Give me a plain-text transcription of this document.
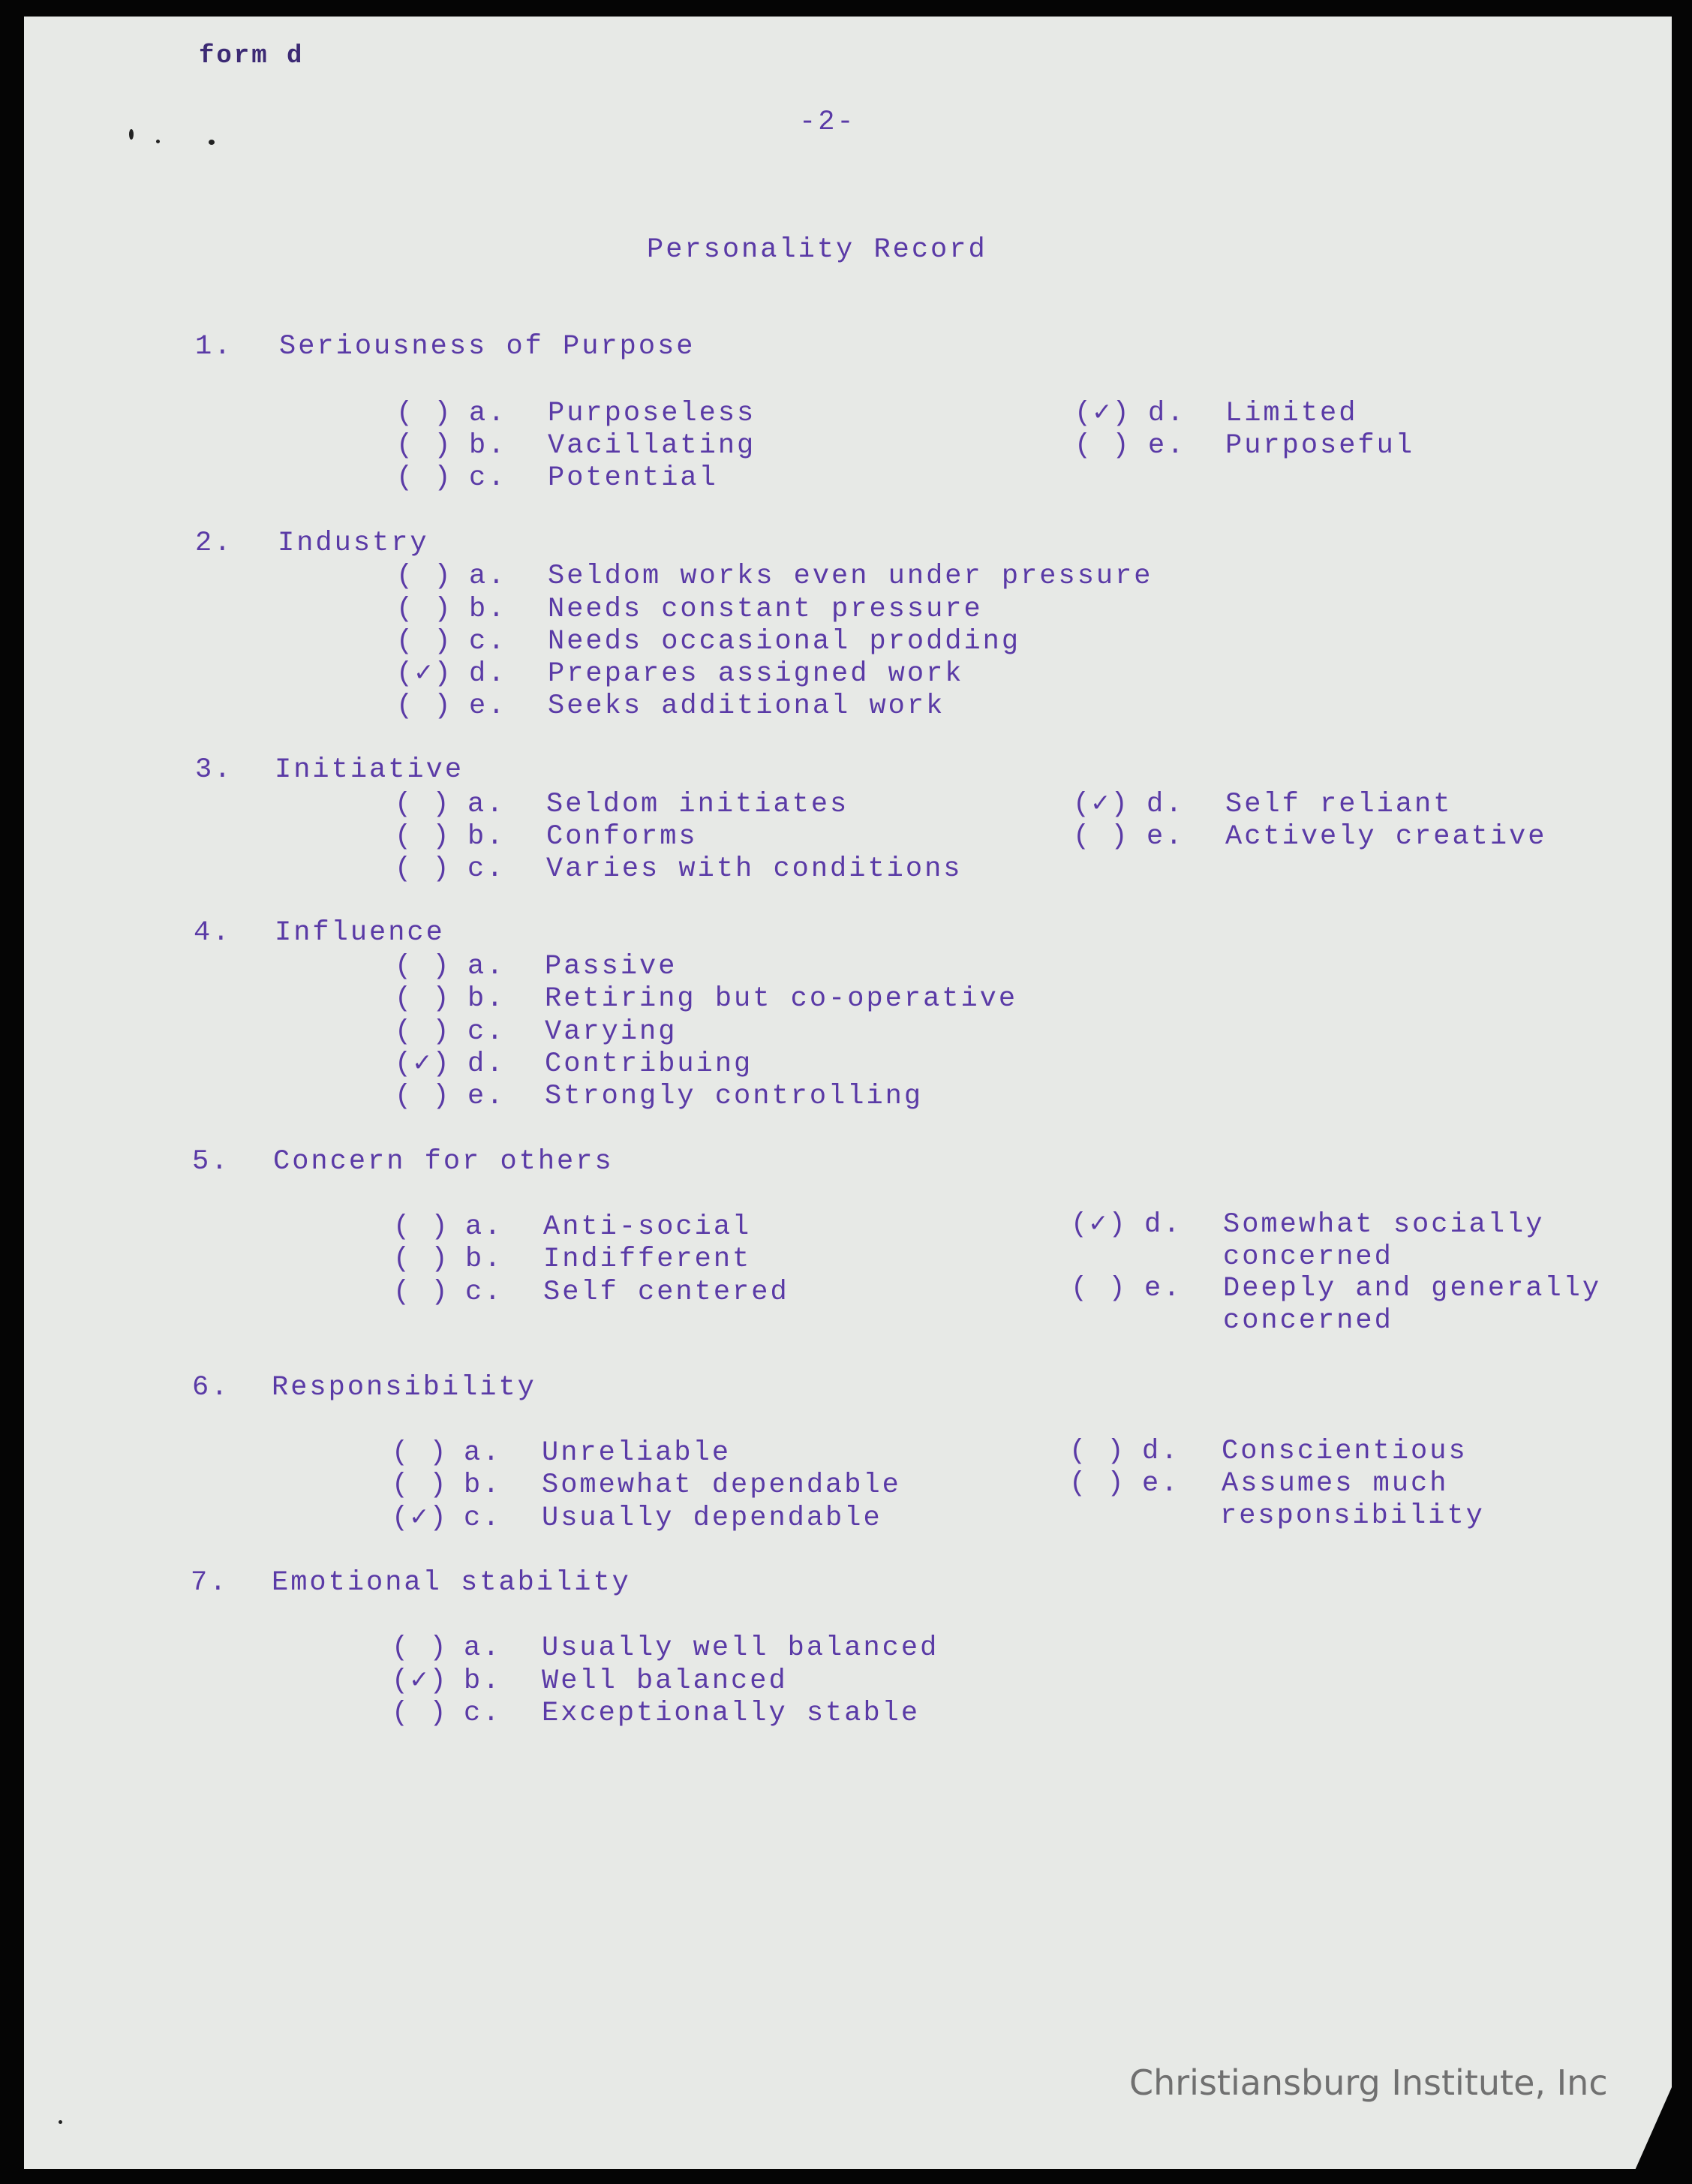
form d
-2-
Personality Record
1. Seriousness of Purpose
( ) a. Purposeless
( ) b. Vacillating
( ) c. Potential
(✓) d. Limited
( ) e. Purposeful
2. Industry
( ) a. Seldom works even under pressure
( ) b. Needs constant pressure
( ) c. Needs occasional prodding
(✓) d. Prepares assigned work
( ) e. Seeks additional work
3. Initiative
( ) a. Seldom initiates
( ) b. Conforms
( ) c. Varies with conditions
(✓) d. Self reliant
( ) e. Actively creative
4. Influence
( ) a. Passive
( ) b. Retiring but co-operative
( ) c. Varying
(✓) d. Contribuing
( ) e. Strongly controlling
5. Concern for others
( ) a. Anti-social
( ) b. Indifferent
( ) c. Self centered
(✓) d. Somewhat socially
concerned
( ) e. Deeply and generally
concerned
6. Responsibility
( ) a. Unreliable
( ) b. Somewhat dependable
(✓) c. Usually dependable
( ) d. Conscientious
( ) e. Assumes much
responsibility
7. Emotional stability
( ) a. Usually well balanced
(✓) b. Well balanced
( ) c. Exceptionally stable
Christiansburg Institute, Inc
